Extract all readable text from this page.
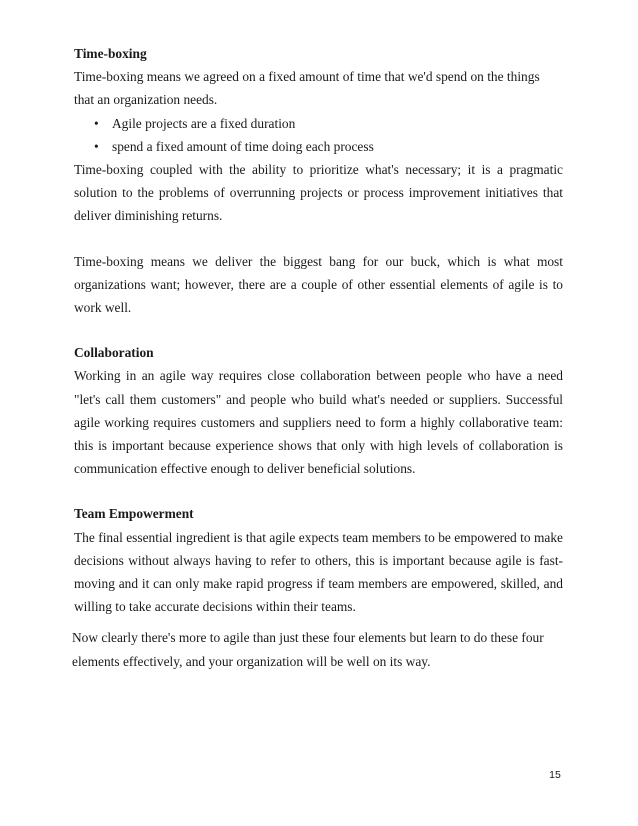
Time-boxing

Time-boxing means we agreed on a fixed amount of time that we'd spend on the things that an organization needs.

• Agile projects are a fixed duration
• spend a fixed amount of time doing each process

Time-boxing coupled with the ability to prioritize what's necessary; it is a pragmatic solution to the problems of overrunning projects or process improvement initiatives that deliver diminishing returns.

Time-boxing means we deliver the biggest bang for our buck, which is what most organizations want; however, there are a couple of other essential elements of agile is to work well.

Collaboration

Working in an agile way requires close collaboration between people who have a need "let's call them customers" and people who build what's needed or suppliers. Successful agile working requires customers and suppliers need to form a highly collaborative team: this is important because experience shows that only with high levels of collaboration is communication effective enough to deliver beneficial solutions.

Team Empowerment

The final essential ingredient is that agile expects team members to be empowered to make decisions without always having to refer to others, this is important because agile is fast-moving and it can only make rapid progress if team members are empowered, skilled, and willing to take accurate decisions within their teams.

Now clearly there's more to agile than just these four elements but learn to do these four elements effectively, and your organization will be well on its way.

15
